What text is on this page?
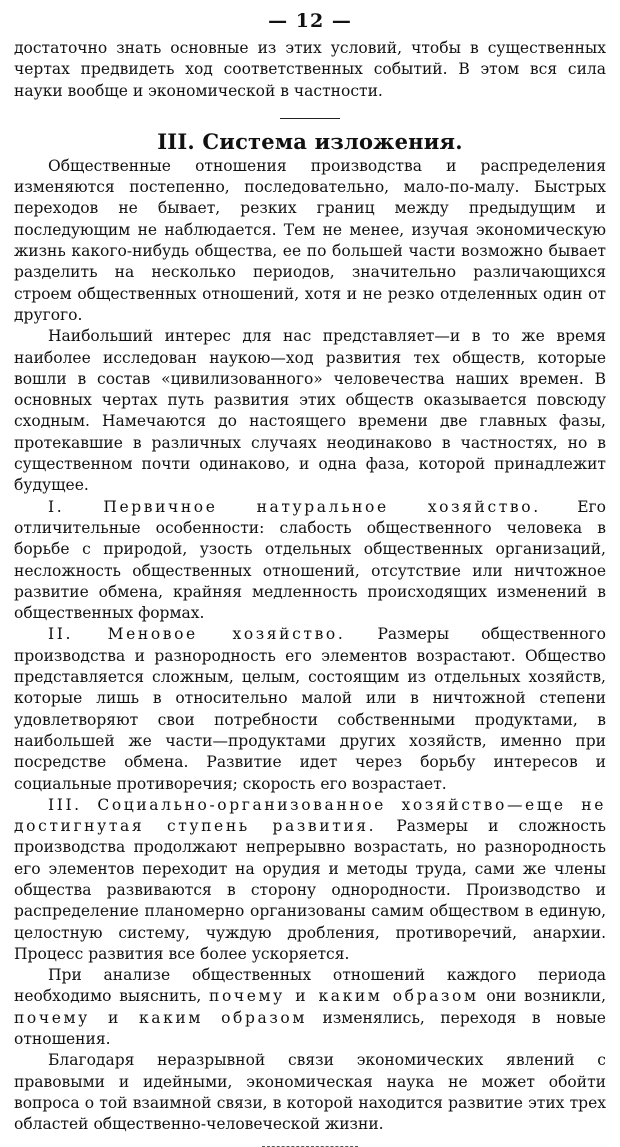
— 12 —

достаточно знать основные из этих условий, чтобы в существенных чертах предвидеть ход соответственных событий. В этом вся сила науки вообще и экономической в частности.

III. Система изложения.

Общественные отношения производства и распределения изменяются постепенно, последовательно, мало-по-малу. Быстрых переходов не бывает, резких границ между предыдущим и последующим не наблюдается. Тем не менее, изучая экономическую жизнь какого-нибудь общества, ее по большей части возможно бывает разделить на несколько периодов, значительно различающихся строем общественных отношений, хотя и не резко отделенных один от другого.

Наибольший интерес для нас представляет—и в то же время наиболее исследован наукою—ход развития тех обществ, которые вошли в состав «цивилизованного» человечества наших времен. В основных чертах путь развития этих обществ оказывается повсюду сходным. Намечаются до настоящего времени две главных фазы, протекавшие в различных случаях неодинаково в частностях, но в существенном почти одинаково, и одна фаза, которой принадлежит будущее.

I. Первичное натуральное хозяйство. Его отличительные особенности: слабость общественного человека в борьбе с природой, узость отдельных общественных организаций, несложность общественных отношений, отсутствие или ничтожное развитие обмена, крайняя медленность происходящих изменений в общественных формах.

II. Меновое хозяйство. Размеры общественного производства и разнородность его элементов возрастают. Общество представляется сложным, целым, состоящим из отдельных хозяйств, которые лишь в относительно малой или в ничтожной степени удовлетворяют свои потребности собственными продуктами, в наибольшей же части—продуктами других хозяйств, именно при посредстве обмена. Развитие идет через борьбу интересов и социальные противоречия; скорость его возрастает.

III. Социально-организованное хозяйство—еще не достигнутая ступень развития. Размеры и сложность производства продолжают непрерывно возрастать, но разнородность его элементов переходит на орудия и методы труда, сами же члены общества развиваются в сторону однородности. Производство и распределение планомерно организованы самим обществом в единую, целостную систему, чуждую дробления, противоречий, анархии. Процесс развития все более ускоряется.

При анализе общественных отношений каждого периода необходимо выяснить, почему и каким образом они возникли, почему и каким образом изменялись, переходя в новые отношения.

Благодаря неразрывной связи экономических явлений с правовыми и идейными, экономическая наука не может обойти вопроса о той взаимной связи, в которой находится развитие этих трех областей общественно-человеческой жизни.
